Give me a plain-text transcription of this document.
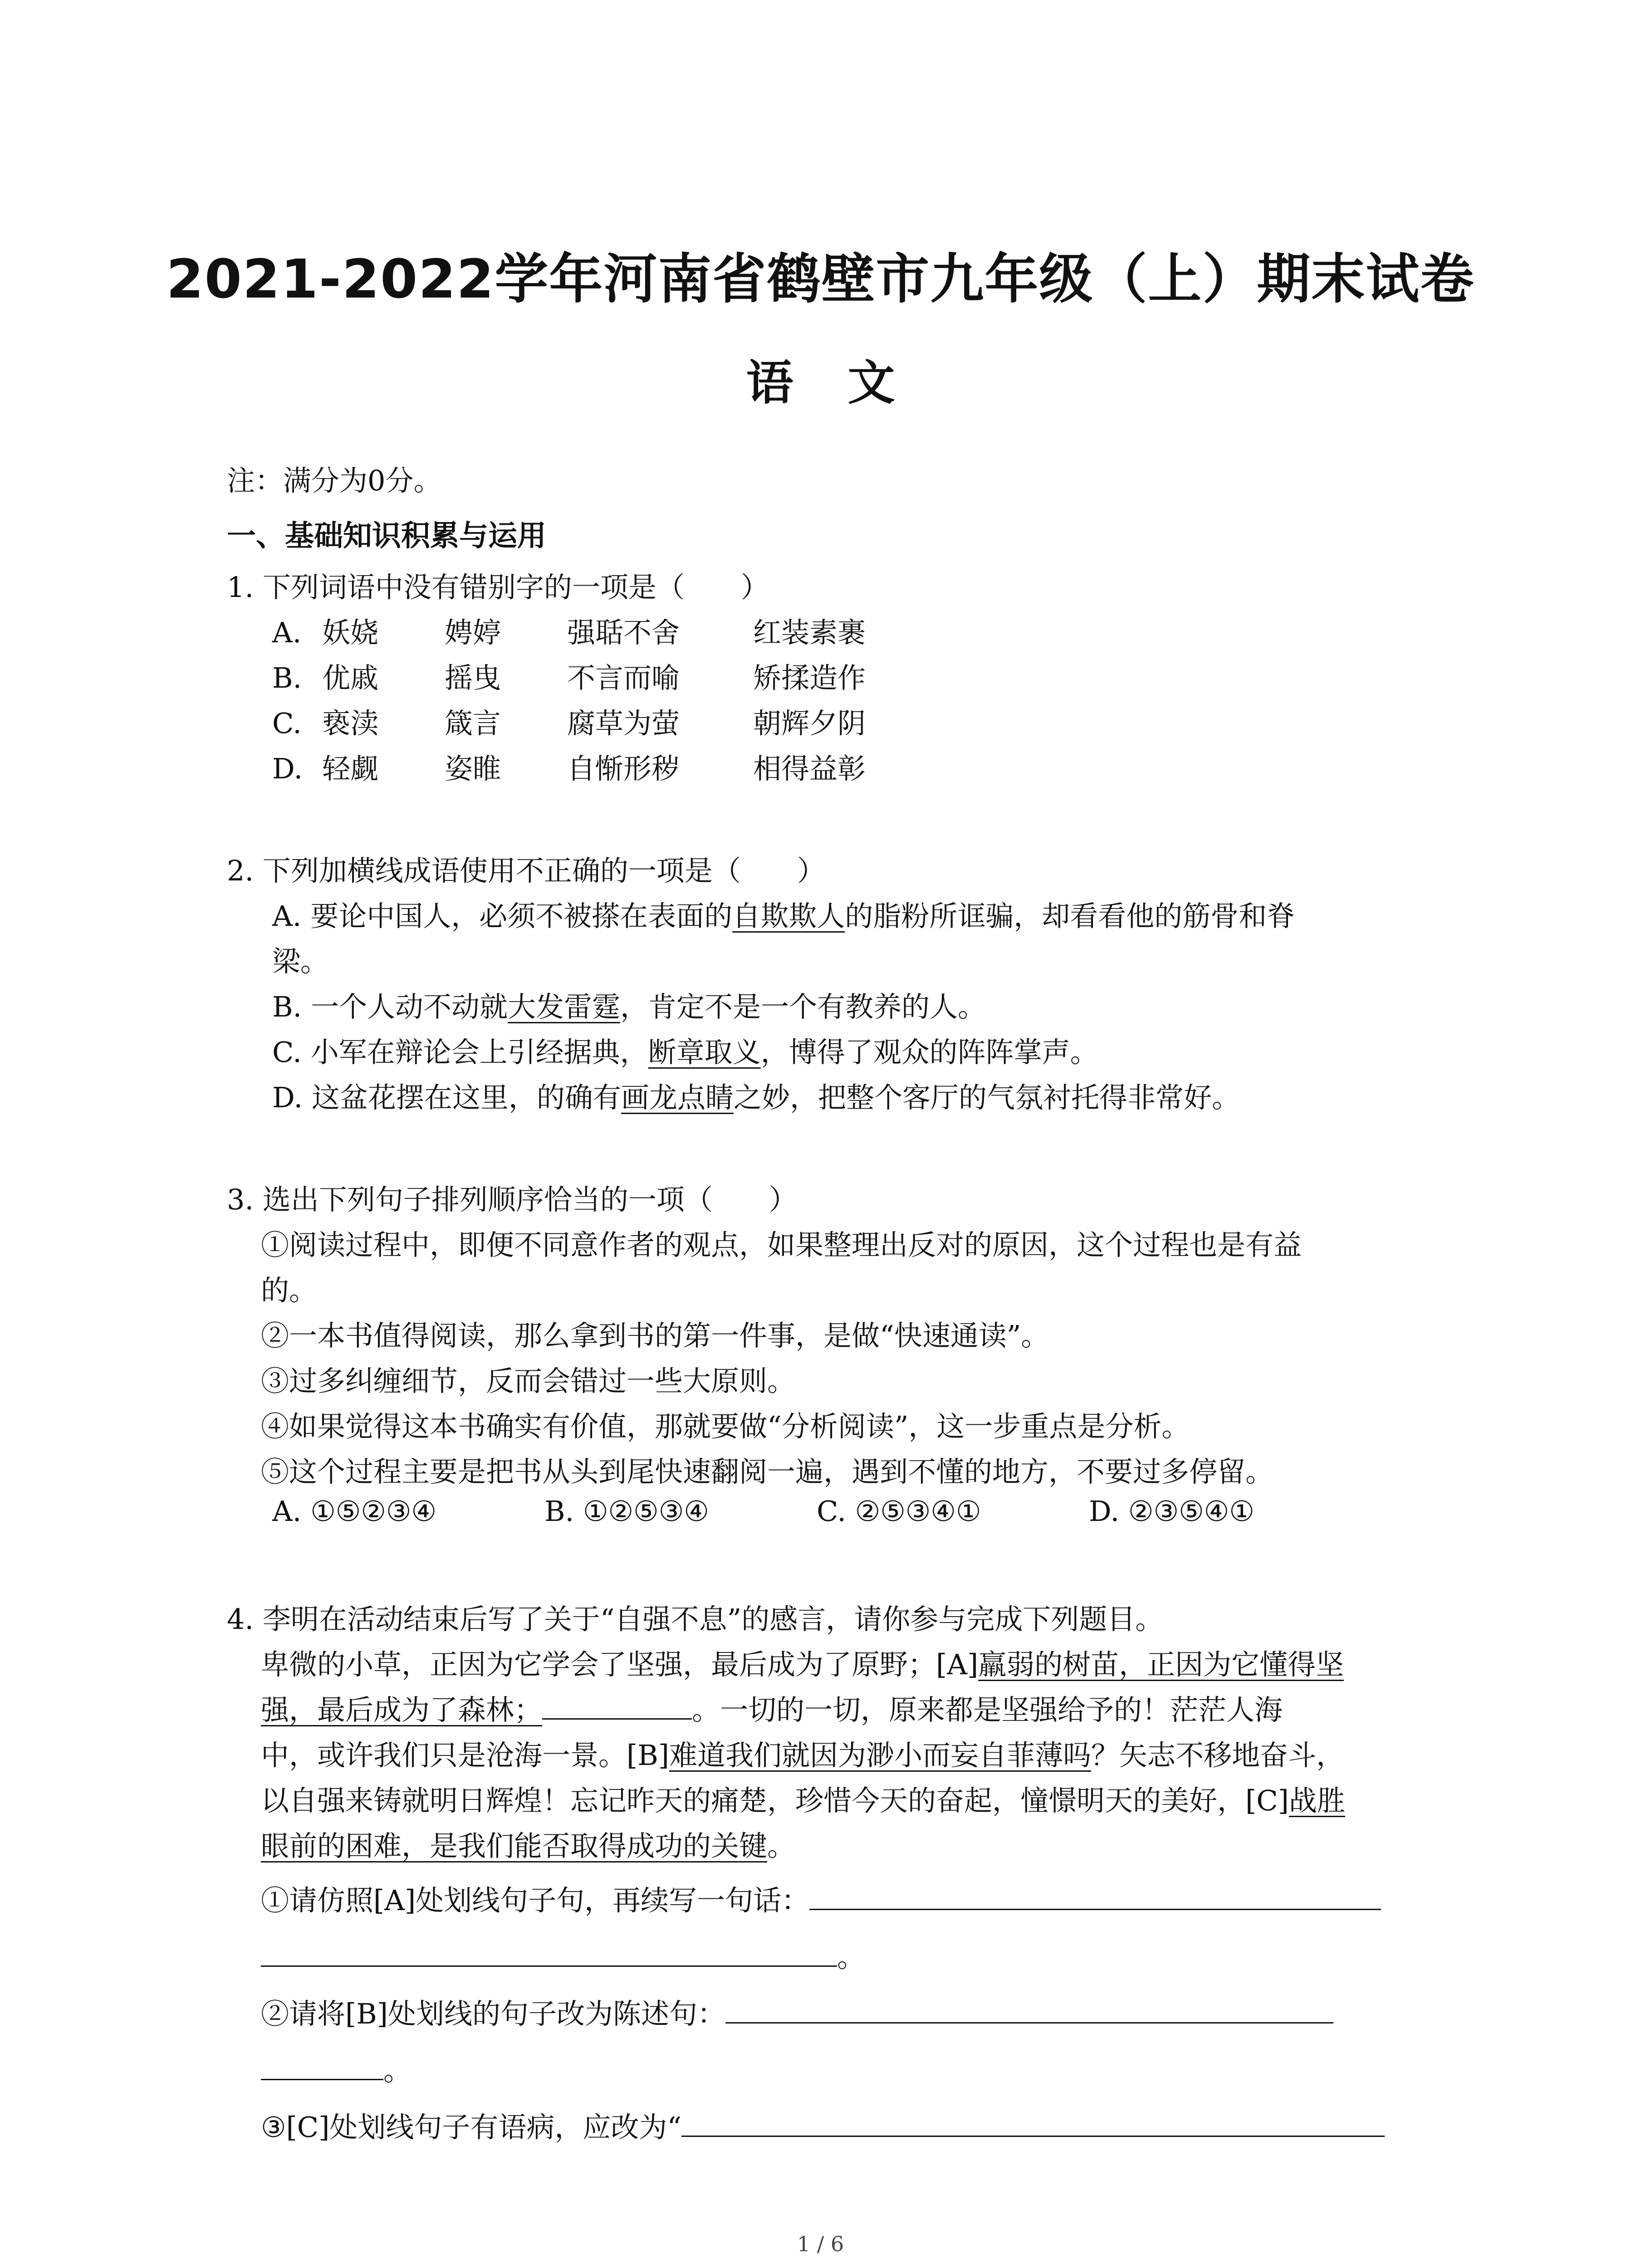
2021-2022学年河南省鹤壁市九年级（上）期末试卷
语文
注：满分为0分。
一、基础知识积累与运用
1. 下列词语中没有错别字的一项是（　　）
A. 妖娆 娉婷 强聒不舍	红装素裹
B. 优戚 摇曳 不言而喻	矫揉造作
C. 亵渎 箴言 腐草为萤	朝辉夕阴
D. 轻觑 姿睢 自惭形秽	相得益彰
2. 下列加横线成语使用不正确的一项是（　　）
A. 要论中国人，必须不被搽在表面的自欺欺人的脂粉所诓骗，却看看他的筋骨和脊
梁。
B. 一个人动不动就大发雷霆，肯定不是一个有教养的人。
C. 小军在辩论会上引经据典，断章取义，博得了观众的阵阵掌声。
D. 这盆花摆在这里，的确有画龙点睛之妙，把整个客厅的气氛衬托得非常好。
3. 选出下列句子排列顺序恰当的一项（　　）
①阅读过程中，即便不同意作者的观点，如果整理出反对的原因，这个过程也是有益
的。
②一本书值得阅读，那么拿到书的第一件事，是做“快速通读”。
③过多纠缠细节，反而会错过一些大原则。
④如果觉得这本书确实有价值，那就要做“分析阅读”，这一步重点是分析。
⑤这个过程主要是把书从头到尾快速翻阅一遍，遇到不懂的地方，不要过多停留。
A. ①⑤②③④	B. ①②⑤③④	C. ②⑤③④①	D. ②③⑤④①
4. 李明在活动结束后写了关于“自强不息”的感言，请你参与完成下列题目。
卑微的小草，正因为它学会了坚强，最后成为了原野；[A]羸弱的树苗，正因为它懂得坚
强，最后成为了森林；	。一切的一切，原来都是坚强给予的！茫茫人海
中，或许我们只是沧海一景。[B]难道我们就因为渺小而妄自菲薄吗？矢志不移地奋斗，
以自强来铸就明日辉煌！忘记昨天的痛楚，珍惜今天的奋起，憧憬明天的美好，[C]战胜
眼前的困难，是我们能否取得成功的关键。
①请仿照[A]处划线句子句，再续写一句话：
。
②请将[B]处划线的句子改为陈述句：
。
③[C]处划线句子有语病，应改为“
1 / 6
